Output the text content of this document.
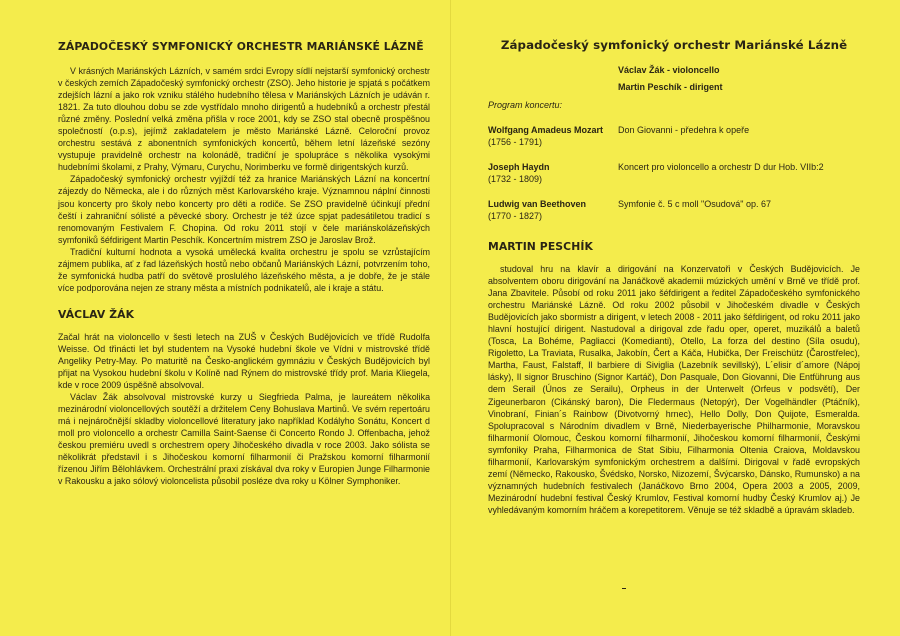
ZÁPADOČESKÝ SYMFONICKÝ ORCHESTR MARIÁNSKÉ LÁZNĚ

V krásných Mariánských Lázních, v samém srdci Evropy sídlí nejstarší symfonický orchestr v českých zemích Západočeský symfonický orchestr (ZSO). Jeho historie je spjatá s počátkem zdejších lázní a jako rok vzniku stálého hudebního tělesa v Mariánských Lázních je udáván r. 1821. Za tuto dlouhou dobu se zde vystřídalo mnoho dirigentů a hudebníků a orchestr přestál různé změny. Poslední velká změna přišla v roce 2001, kdy se ZSO stal obecně prospěšnou společností (o.p.s), jejímž zakladatelem je město Mariánské Lázně. Celoroční provoz orchestru sestává z abonentních symfonických koncertů, během letní lázeňské sezóny vystupuje pravidelně orchestr na kolonádě, tradiční je spolupráce s několika vysokými hudebními školami, z Prahy, Výmaru, Curychu, Norimberku ve formě dirigentských kurzů.

Západočeský symfonický orchestr vyjíždí též za hranice Mariánských Lázní na koncertní zájezdy do Německa, ale i do různých měst Karlovarského kraje. Významnou náplní činnosti jsou koncerty pro školy nebo koncerty pro děti a rodiče. Se ZSO pravidelně účinkují přední čeští i zahraniční sólisté a pěvecké sbory. Orchestr je též úzce spjat padesátiletou tradicí s renomovaným Festivalem F. Chopina. Od roku 2011 stojí v čele mariánskolázeňských symfoniků šéfdirigent Martin Peschík. Koncertním mistrem ZSO je Jaroslav Brož.

Tradiční kulturní hodnota a vysoká umělecká kvalita orchestru je spolu se vzrůstajícím zájmem publika, ať z řad lázeňských hostů nebo občanů Mariánských Lázní, potvrzením toho, že symfonická hudba patří do světově proslulého lázeňského města, a je dobře, že je stále více podporována nejen ze strany města a místních podnikatelů, ale i kraje a státu.

VÁCLAV ŽÁK

Začal hrát na violoncello v šesti letech na ZUŠ v Českých Budějovicích ve třídě Rudolfa Weisse. Od třinácti let byl studentem na Vysoké hudební škole ve Vídni v mistrovské třídě Angeliky Petry-May. Po maturitě na Česko-anglickém gymnáziu v Českých Budějovicích byl přijat na Vysokou hudební školu v Kolíně nad Rýnem do mistrovské třídy prof. Maria Kliegela, kde v roce 2009 úspěšně absolvoval.

Václav Žák absolvoval mistrovské kurzy u Siegfrieda Palma, je laureátem několika mezinárodní violoncellových soutěží a držitelem Ceny Bohuslava Martinů. Ve svém repertoáru má i nejnáročnější skladby violoncellové literatury jako například Kodályho Sonátu, Koncert d moll pro violoncello a orchestr Camilla Saint-Saense či Concerto Rondo J. Offenbacha, jehož českou premiéru uvedl s orchestrem opery Jihočeského divadla v roce 2003. Jako sólista se několikrát představil i s Jihočeskou komorní filharmonií či Pražskou komorní filharmonií řízenou Jiřím Bělohlávkem. Orchestrální praxi získával dva roky v Europien Junge Filharmonie v Rakousku a jako sólový violoncelista působil posléze dva roky u Kölner Symphoniker.

Západočeský symfonický orchestr Mariánské Lázně
Václav Žák - violoncello
Martin Peschík - dirigent
Program koncertu:
Wolfgang Amadeus Mozart
(1756 - 1791)
Don Giovanni - předehra k opeře
Joseph Haydn
(1732 - 1809)
Koncert pro violoncello a orchestr D dur Hob. VIIb:2
Ludwig van Beethoven
(1770 - 1827)
Symfonie č. 5 c moll "Osudová" op. 67
MARTIN PESCHÍK

studoval hru na klavír a dirigování na Konzervatoři v Českých Budějovicích. Je absolventem oboru dirigování na Janáčkově akademii múzických umění v Brně ve třídě prof. Jana Zbavitele. Působí od roku 2011 jako šéfdirigent a ředitel Západočeského symfonického orchestru Mariánské Lázně. Od roku 2002 působil v Jihočeském divadle v Českých Budějovicích jako sbormistr a dirigent, v letech 2008 - 2011 jako šéfdirigent, od roku 2011 jako hlavní hostující dirigent. Nastudoval a dirigoval zde řadu oper, operet, muzikálů a baletů (Tosca, La Bohéme, Pagliacci (Komedianti), Otello, La forza del destino (Síla osudu), Rigoletto, La Traviata, Rusalka, Jakobín, Čert a Káča, Hubička, Der Freischütz (Čarostřelec), Martha, Faust, Falstaff, Il barbiere di Siviglia (Lazebník sevillský), L´elisir d´amore (Nápoj lásky), Il signor Bruschino (Signor Kartáč), Don Pasquale, Don Giovanni, Die Entführung aus dem Serail (Únos ze Serailu), Orpheus in der Unterwelt (Orfeus v podsvětí), Der Zigeunerbaron (Cikánský baron), Die Fledermaus (Netopýr), Der Vogelhändler (Ptáčník), Vinobraní, Finian´s Rainbow (Divotvorný hrnec), Hello Dolly, Don Quijote, Esmeralda. Spolupracoval s Národním divadlem v Brně, Niederbayerische Philharmonie, Moravskou filharmonií Olomouc, Českou komorní filharmonií, Jihočeskou komorní filharmonií, Českými symfoniky Praha, Filharmonica de Stat Sibiu, Filharmonia Oltenia Craiova, Moldavskou filharmonií, Karlovarským symfonickým orchestrem a dalšími. Dirigoval v řadě evropských zemí (Německo, Rakousko, Švédsko, Norsko, Nizozemí, Švýcarsko, Dánsko, Rumunsko) a na významných hudebních festivalech (Janáčkovo Brno 2004, Opera 2003 a 2005, 2009, Mezinárodní hudební festival Český Krumlov, Festival komorní hudby Český Krumlov aj.) Je vyhledávaným komorním hráčem a korepetitorem. Věnuje se též skladbě a úpravám skladeb.
